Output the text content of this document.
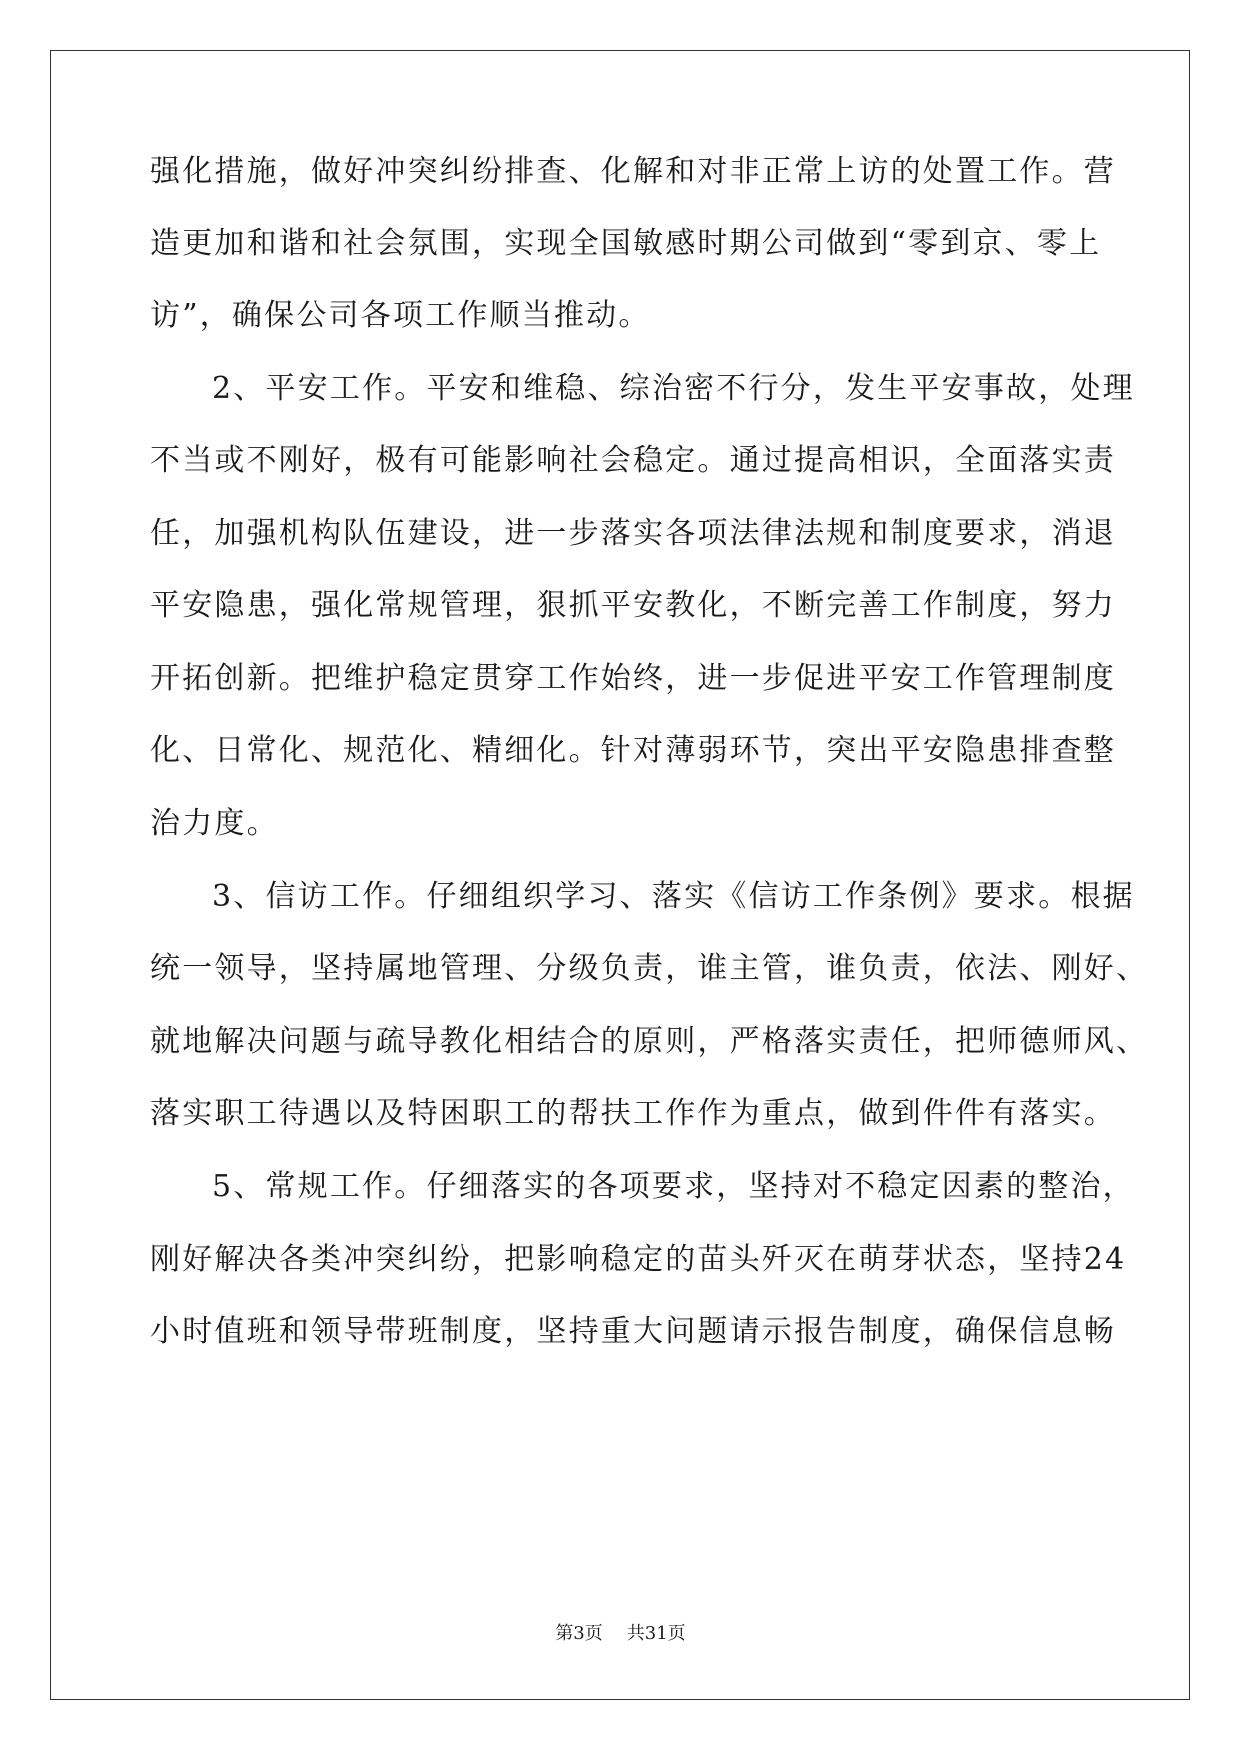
强化措施，做好冲突纠纷排查、化解和对非正常上访的处置工作。营
造更加和谐和社会氛围，实现全国敏感时期公司做到“零到京、零上
访”，确保公司各项工作顺当推动。
2、平安工作。平安和维稳、综治密不行分，发生平安事故，处理
不当或不刚好，极有可能影响社会稳定。通过提高相识，全面落实责
任，加强机构队伍建设，进一步落实各项法律法规和制度要求，消退
平安隐患，强化常规管理，狠抓平安教化，不断完善工作制度，努力
开拓创新。把维护稳定贯穿工作始终，进一步促进平安工作管理制度
化、日常化、规范化、精细化。针对薄弱环节，突出平安隐患排查整
治力度。
3、信访工作。仔细组织学习、落实《信访工作条例》要求。根据
统一领导，坚持属地管理、分级负责，谁主管，谁负责，依法、刚好、
就地解决问题与疏导教化相结合的原则，严格落实责任，把师德师风、
落实职工待遇以及特困职工的帮扶工作作为重点，做到件件有落实。
5、常规工作。仔细落实的各项要求，坚持对不稳定因素的整治，
刚好解决各类冲突纠纷，把影响稳定的苗头歼灭在萌芽状态，坚持24
小时值班和领导带班制度，坚持重大问题请示报告制度，确保信息畅
第3页 共31页
